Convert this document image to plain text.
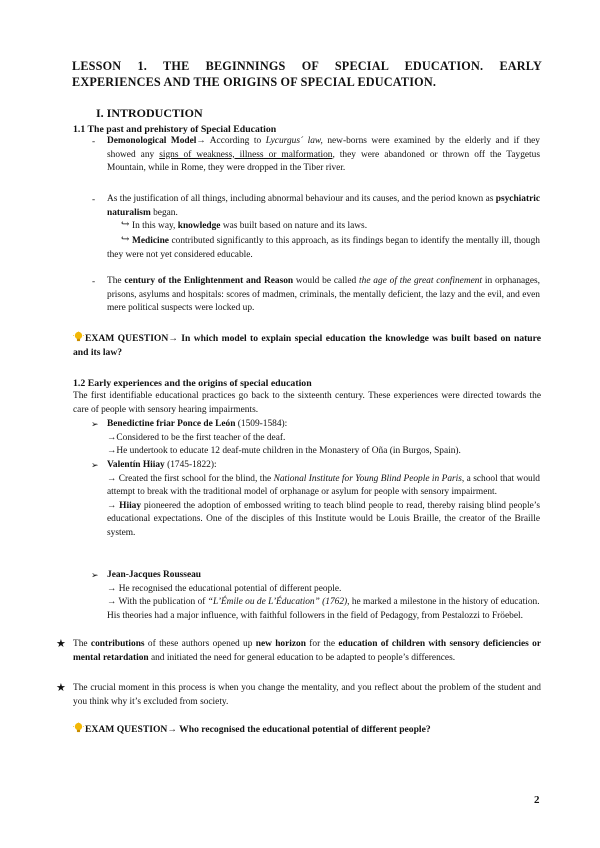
LESSON 1. THE BEGINNINGS OF SPECIAL EDUCATION. EARLY
EXPERIENCES AND THE ORIGINS OF SPECIAL EDUCATION.
I. INTRODUCTION
1.1 The past and prehistory of Special Education
- Demonological Model→ According to Lycurgus´ law, new-borns were examined by the elderly and if they showed any signs of weakness, illness or malformation, they were abandoned or thrown off the Taygetus Mountain, while in Rome, they were dropped in the Tiber river.
- As the justification of all things, including abnormal behaviour and its causes, and the period known as psychiatric naturalism began.
↪ In this way, knowledge was built based on nature and its laws.
↪ Medicine contributed significantly to this approach, as its findings began to identify the mentally ill, though they were not yet considered educable.
- The century of the Enlightenment and Reason would be called the age of the great confinement in orphanages, prisons, asylums and hospitals: scores of madmen, criminals, the mentally deficient, the lazy and the evil, and even mere political suspects were locked up.
EXAM QUESTION→ In which model to explain special education the knowledge was built based on nature and its law?
1.2 Early experiences and the origins of special education
The first identifiable educational practices go back to the sixteenth century. These experiences were directed towards the care of people with sensory hearing impairments.
➢ Benedictine friar Ponce de León (1509-1584):
→Considered to be the first teacher of the deaf.
→He undertook to educate 12 deaf-mute children in the Monastery of Oña (in Burgos, Spain).
➢ Valentín Hiiay (1745-1822):
→ Created the first school for the blind, the National Institute for Young Blind People in Paris, a school that would attempt to break with the traditional model of orphanage or asylum for people with sensory impairment.
→ Hiiay pioneered the adoption of embossed writing to teach blind people to read, thereby raising blind people’s educational expectations. One of the disciples of this Institute would be Louis Braille, the creator of the Braille system.
➢ Jean-Jacques Rousseau
→ He recognised the educational potential of different people.
→ With the publication of “L’Émile ou de L’Éducation” (1762), he marked a milestone in the history of education.
His theories had a major influence, with faithful followers in the field of Pedagogy, from Pestalozzi to Fröebel.
★ The contributions of these authors opened up new horizon for the education of children with sensory deficiencies or mental retardation and initiated the need for general education to be adapted to people’s differences.
★ The crucial moment in this process is when you change the mentality, and you reflect about the problem of the student and you think why it’s excluded from society.
EXAM QUESTION→ Who recognised the educational potential of different people?
2
